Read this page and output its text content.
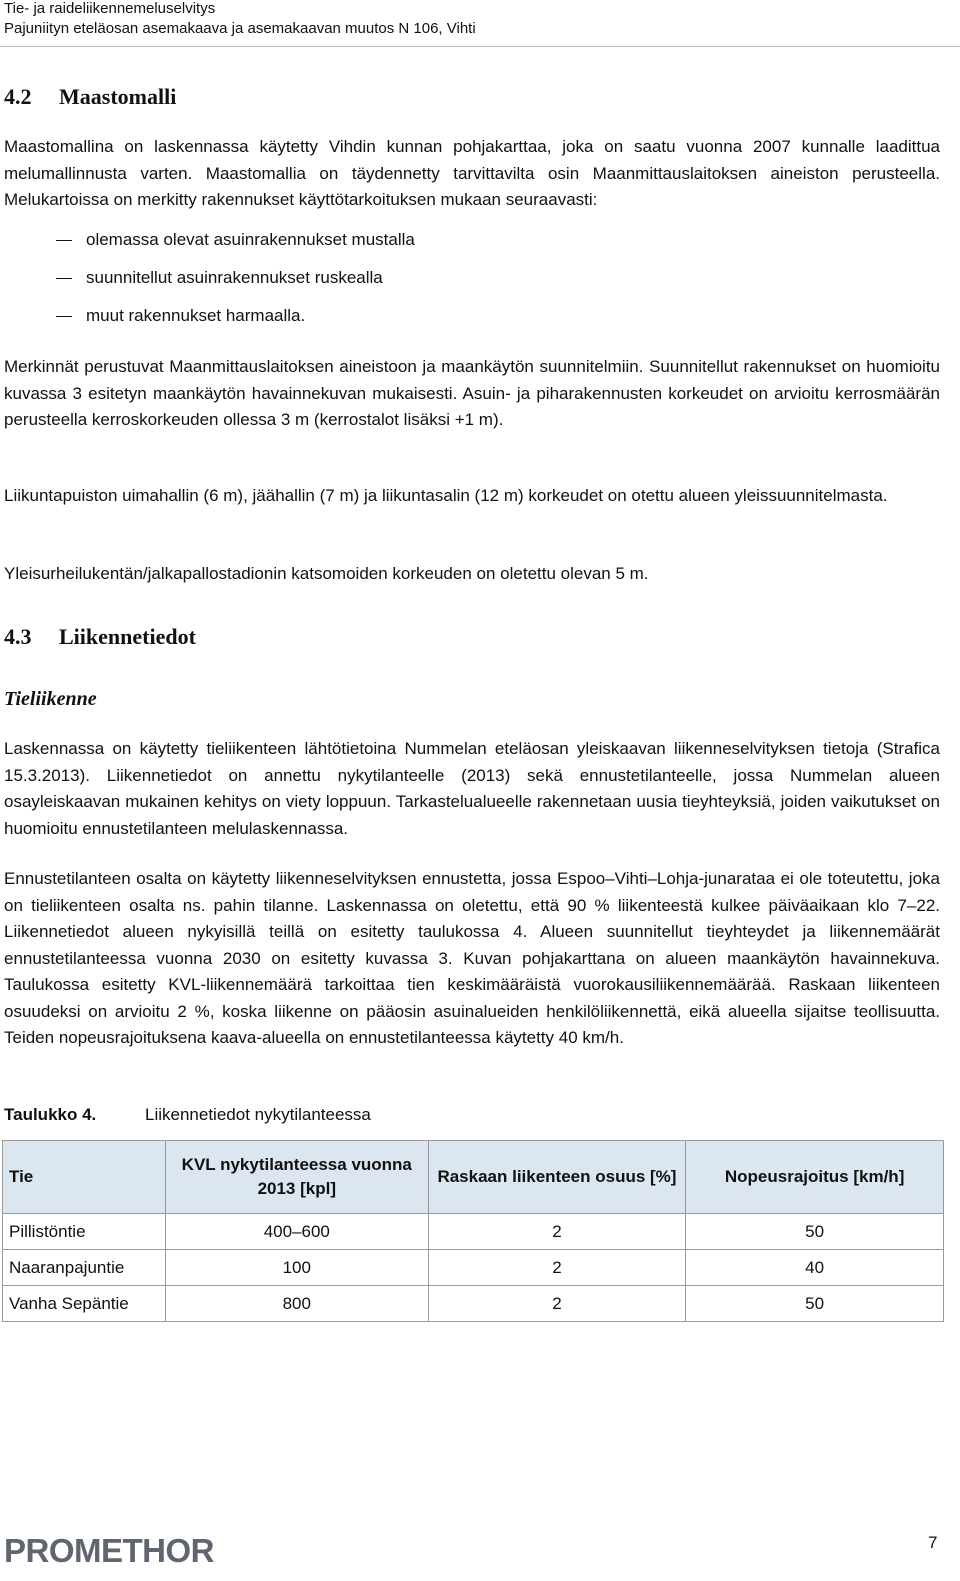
Tie- ja raideliikennemeluselvitys
Pajuniityn eteläosan asemakaava ja asemakaavan muutos N 106, Vihti
4.2 Maastomalli

Maastomallina on laskennassa käytetty Vihdin kunnan pohjakarttaa, joka on saatu vuonna 2007 kunnalle laadittua melumallinnusta varten. Maastomallia on täydennetty tarvittavilta osin Maanmittauslaitoksen aineiston perusteella. Melukartoissa on merkitty rakennukset käyttötarkoituksen mukaan seuraavasti:

olemassa olevat asuinrakennukset mustalla
suunnitellut asuinrakennukset ruskealla
muut rakennukset harmaalla.

Merkinnät perustuvat Maanmittauslaitoksen aineistoon ja maankäytön suunnitelmiin. Suunnitellut rakennukset on huomioitu kuvassa 3 esitetyn maankäytön havainnekuvan mukaisesti. Asuin- ja piharakennusten korkeudet on arvioitu kerrosmäärän perusteella kerroskorkeuden ollessa 3 m (kerrostalot lisäksi +1 m).

Liikuntapuiston uimahallin (6 m), jäähallin (7 m) ja liikuntasalin (12 m) korkeudet on otettu alueen yleissuunnitelmasta.

Yleisurheilukentän/jalkapallostadionin katsomoiden korkeuden on oletettu olevan 5 m.

4.3 Liikennetiedot
Tieliikenne

Laskennassa on käytetty tieliikenteen lähtötietoina Nummelan eteläosan yleiskaavan liikenneselvityksen tietoja (Strafica 15.3.2013). Liikennetiedot on annettu nykytilanteelle (2013) sekä ennustetilanteelle, jossa Nummelan alueen osayleiskaavan mukainen kehitys on viety loppuun. Tarkastelualueelle rakennetaan uusia tieyhteyksiä, joiden vaikutukset on huomioitu ennustetilanteen melulaskennassa.

Ennustetilanteen osalta on käytetty liikenneselvityksen ennustetta, jossa Espoo–Vihti–Lohja-junarataa ei ole toteutettu, joka on tieliikenteen osalta ns. pahin tilanne. Laskennassa on oletettu, että 90 % liikenteestä kulkee päiväaikaan klo 7–22. Liikennetiedot alueen nykyisillä teillä on esitetty taulukossa 4. Alueen suunnitellut tieyhteydet ja liikennemäärät ennustetilanteessa vuonna 2030 on esitetty kuvassa 3. Kuvan pohjakarttana on alueen maankäytön havainnekuva. Taulukossa esitetty KVL-liikennemäärä tarkoittaa tien keskimääräistä vuorokausiliikennemäärää. Raskaan liikenteen osuudeksi on arvioitu 2 %, koska liikenne on pääosin asuinalueiden henkilöliikennettä, eikä alueella sijaitse teollisuutta. Teiden nopeusrajoituksena kaava-alueella on ennustetilanteessa käytetty 40 km/h.

Taulukko 4.	Liikennetiedot nykytilanteessa
Tie	KVL nykytilanteessa vuonna 2013 [kpl]	Raskaan liikenteen osuus [%]	Nopeusrajoitus [km/h]
Pillistöntie	400–600	2	50
Naaranpajuntie	100	2	40
Vanha Sepäntie	800	2	50
PROMETHOR	7
